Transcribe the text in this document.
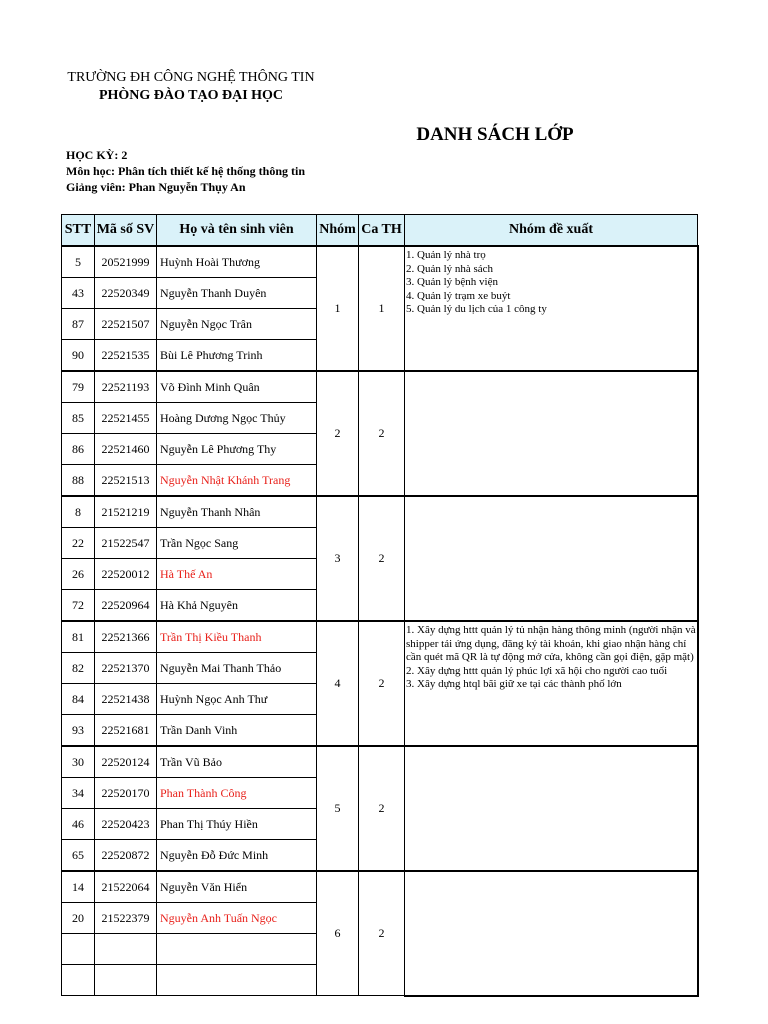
TRƯỜNG ĐH CÔNG NGHỆ THÔNG TIN
PHÒNG ĐÀO TẠO ĐẠI HỌC
DANH SÁCH LỚP
HỌC KỲ: 2
Môn học: Phân tích thiết kế hệ thống thông tin
Giảng viên: Phan Nguyễn Thụy An
STT	Mã số SV	Họ và tên sinh viên	Nhóm	Ca TH	Nhóm đề xuất
5	20521999	Huỳnh Hoài Thương	1	1	1. Quản lý nhà trọ
2. Quản lý nhà sách
3. Quản lý bệnh viện
4. Quản lý trạm xe buýt
5. Quản lý du lịch của 1 công ty

43	22520349	Nguyễn Thanh Duyên			
87	22521507	Nguyễn Ngọc Trân			
90	22521535	Bùi Lê Phương Trinh			
79	22521193	Võ Đình Minh Quân	2	2	
85	22521455	Hoàng Dương Ngọc Thủy			
86	22521460	Nguyễn Lê Phương Thy			
88	22521513	Nguyễn Nhật Khánh Trang			
8	21521219	Nguyễn Thanh Nhân	3	2	
22	21522547	Trần Ngọc Sang			
26	22520012	Hà Thế An			
72	22520964	Hà Khả Nguyên			
81	22521366	Trần Thị Kiều Thanh	4	2	1. Xây dựng httt quản lý tủ nhận hàng thông minh (người nhận và shipper tải ứng dụng, đăng ký tài khoản, khi giao nhận hàng chỉ cần quét mã QR là tự động mở cửa, không cần gọi điện, gặp mặt)
2. Xây dựng httt quản lý phúc lợi xã hội cho người cao tuổi
3. Xây dựng htql bãi giữ xe tại các thành phố lớn

82	22521370	Nguyễn Mai Thanh Thảo			
84	22521438	Huỳnh Ngọc Anh Thư			
93	22521681	Trần Danh Vinh			
30	22520124	Trần Vũ Bảo	5	2	
34	22520170	Phan Thành Công			
46	22520423	Phan Thị Thúy Hiền			
65	22520872	Nguyễn Đỗ Đức Minh			
14	21522064	Nguyễn Văn Hiển	6	2	
20	21522379	Nguyễn Anh Tuấn Ngọc			
